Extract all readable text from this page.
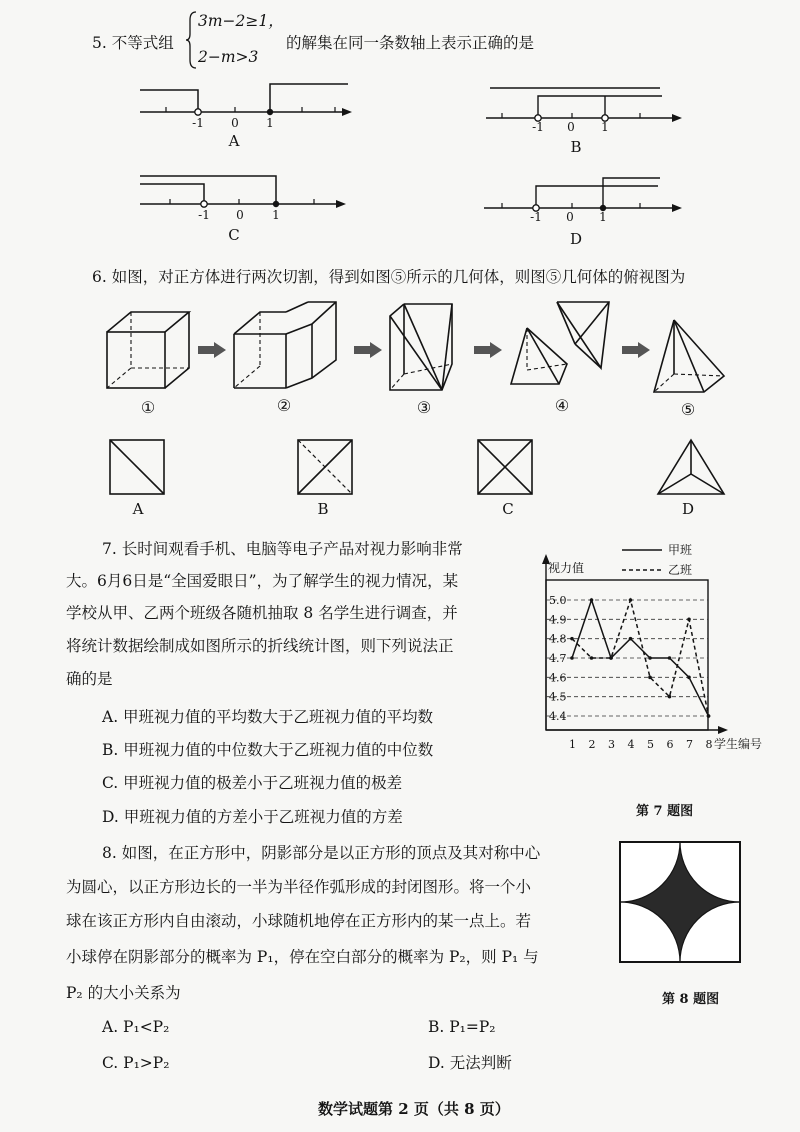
5. 不等式组
3m−2≥1，
2−m>3
的解集在同一条数轴上表示正确的是
-1	0	1
A
-1	0	1
B
-1	0	1
C
-1	0	1
D
6. 如图，对正方体进行两次切割，得到如图⑤所示的几何体，则图⑤几何体的俯视图为
①	②	③	④	⑤
A	B	C	D
7. 长时间观看手机、电脑等电子产品对视力影响非常
大。6月6日是“全国爱眼日”，为了解学生的视力情况，某
学校从甲、乙两个班级各随机抽取 8 名学生进行调查，并
将统计数据绘制成如图所示的折线统计图，则下列说法正
确的是
A. 甲班视力值的平均数大于乙班视力值的平均数
B. 甲班视力值的中位数大于乙班视力值的中位数
C. 甲班视力值的极差小于乙班视力值的极差
D. 甲班视力值的方差小于乙班视力值的方差
4.4
4.5
4.6
4.7
4.8
4.9
5.0
1 2 3 4 5 6 7 8
视力值
学生编号
甲班
乙班
第 7 题图
8. 如图，在正方形中，阴影部分是以正方形的顶点及其对称中心
为圆心，以正方形边长的一半为半径作弧形成的封闭图形。将一个小
球在该正方形内自由滚动，小球随机地停在正方形内的某一点上。若
小球停在阴影部分的概率为 P₁，停在空白部分的概率为 P₂，则 P₁ 与
P₂ 的大小关系为
A. P₁<P₂	B. P₁=P₂
C. P₁>P₂	D. 无法判断
第 8 题图
数学试题第 2 页（共 8 页）
